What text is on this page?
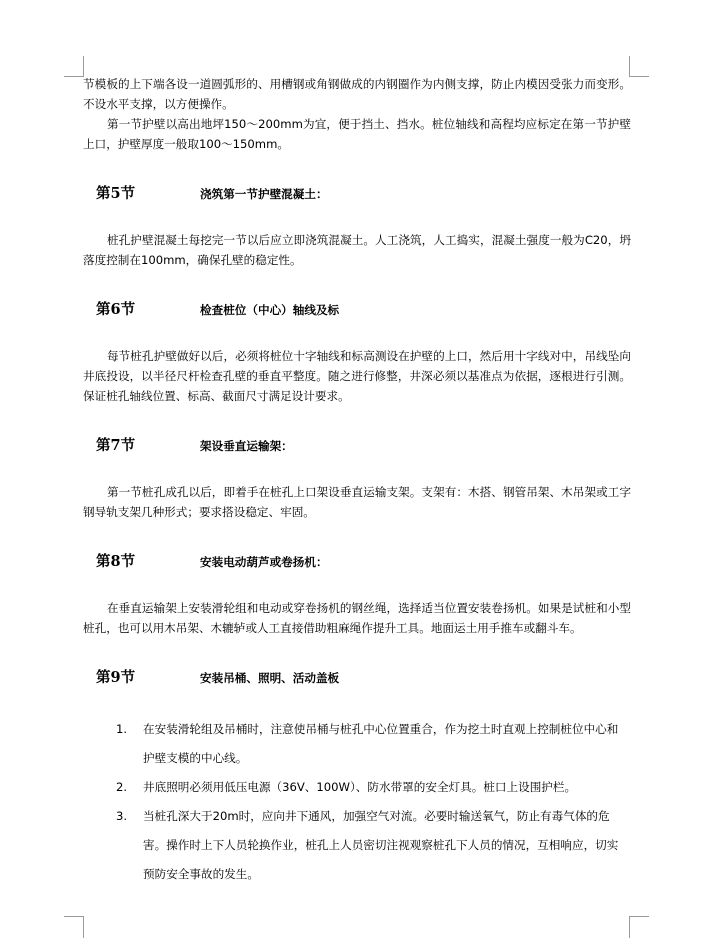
节模板的上下端各设一道圆弧形的、用槽钢或角钢做成的内钢圈作为内侧支撑，防止内模因受张力而变形。不设水平支撑，以方便操作。

第一节护壁以高出地坪150～200mm为宜，便于挡土、挡水。桩位轴线和高程均应标定在第一节护壁上口，护壁厚度一般取100～150mm。

第5节	浇筑第一节护壁混凝土：

桩孔护壁混凝土每挖完一节以后应立即浇筑混凝土。人工浇筑，人工捣实，混凝土强度一般为C20，坍落度控制在100mm，确保孔壁的稳定性。

第6节	检查桩位（中心）轴线及标

每节桩孔护壁做好以后，必须将桩位十字轴线和标高测设在护壁的上口，然后用十字线对中，吊线坠向井底投设，以半径尺杆检查孔壁的垂直平整度。随之进行修整，井深必须以基准点为依据，逐根进行引测。保证桩孔轴线位置、标高、截面尺寸满足设计要求。

第7节	架设垂直运输架：

第一节桩孔成孔以后，即着手在桩孔上口架设垂直运输支架。支架有：木搭、钢管吊架、木吊架或工字钢导轨支架几种形式；要求搭设稳定、牢固。

第8节	安装电动葫芦或卷扬机：

在垂直运输架上安装滑轮组和电动或穿卷扬机的钢丝绳，选择适当位置安装卷扬机。如果是试桩和小型桩孔，也可以用木吊架、木辘轳或人工直接借助粗麻绳作提升工具。地面运土用手推车或翻斗车。

第9节	安装吊桶、照明、活动盖板
1.	在安装滑轮组及吊桶时，注意使吊桶与桩孔中心位置重合，作为挖土时直观上控制桩位中心和护壁支模的中心线。
2.	井底照明必须用低压电源（36V、100W）、防水带罩的安全灯具。桩口上设围护栏。
3.	当桩孔深大于20m时，应向井下通风，加强空气对流。必要时输送氧气，防止有毒气体的危害。操作时上下人员轮换作业，桩孔上人员密切注视观察桩孔下人员的情况，互相响应，切实预防安全事故的发生。
